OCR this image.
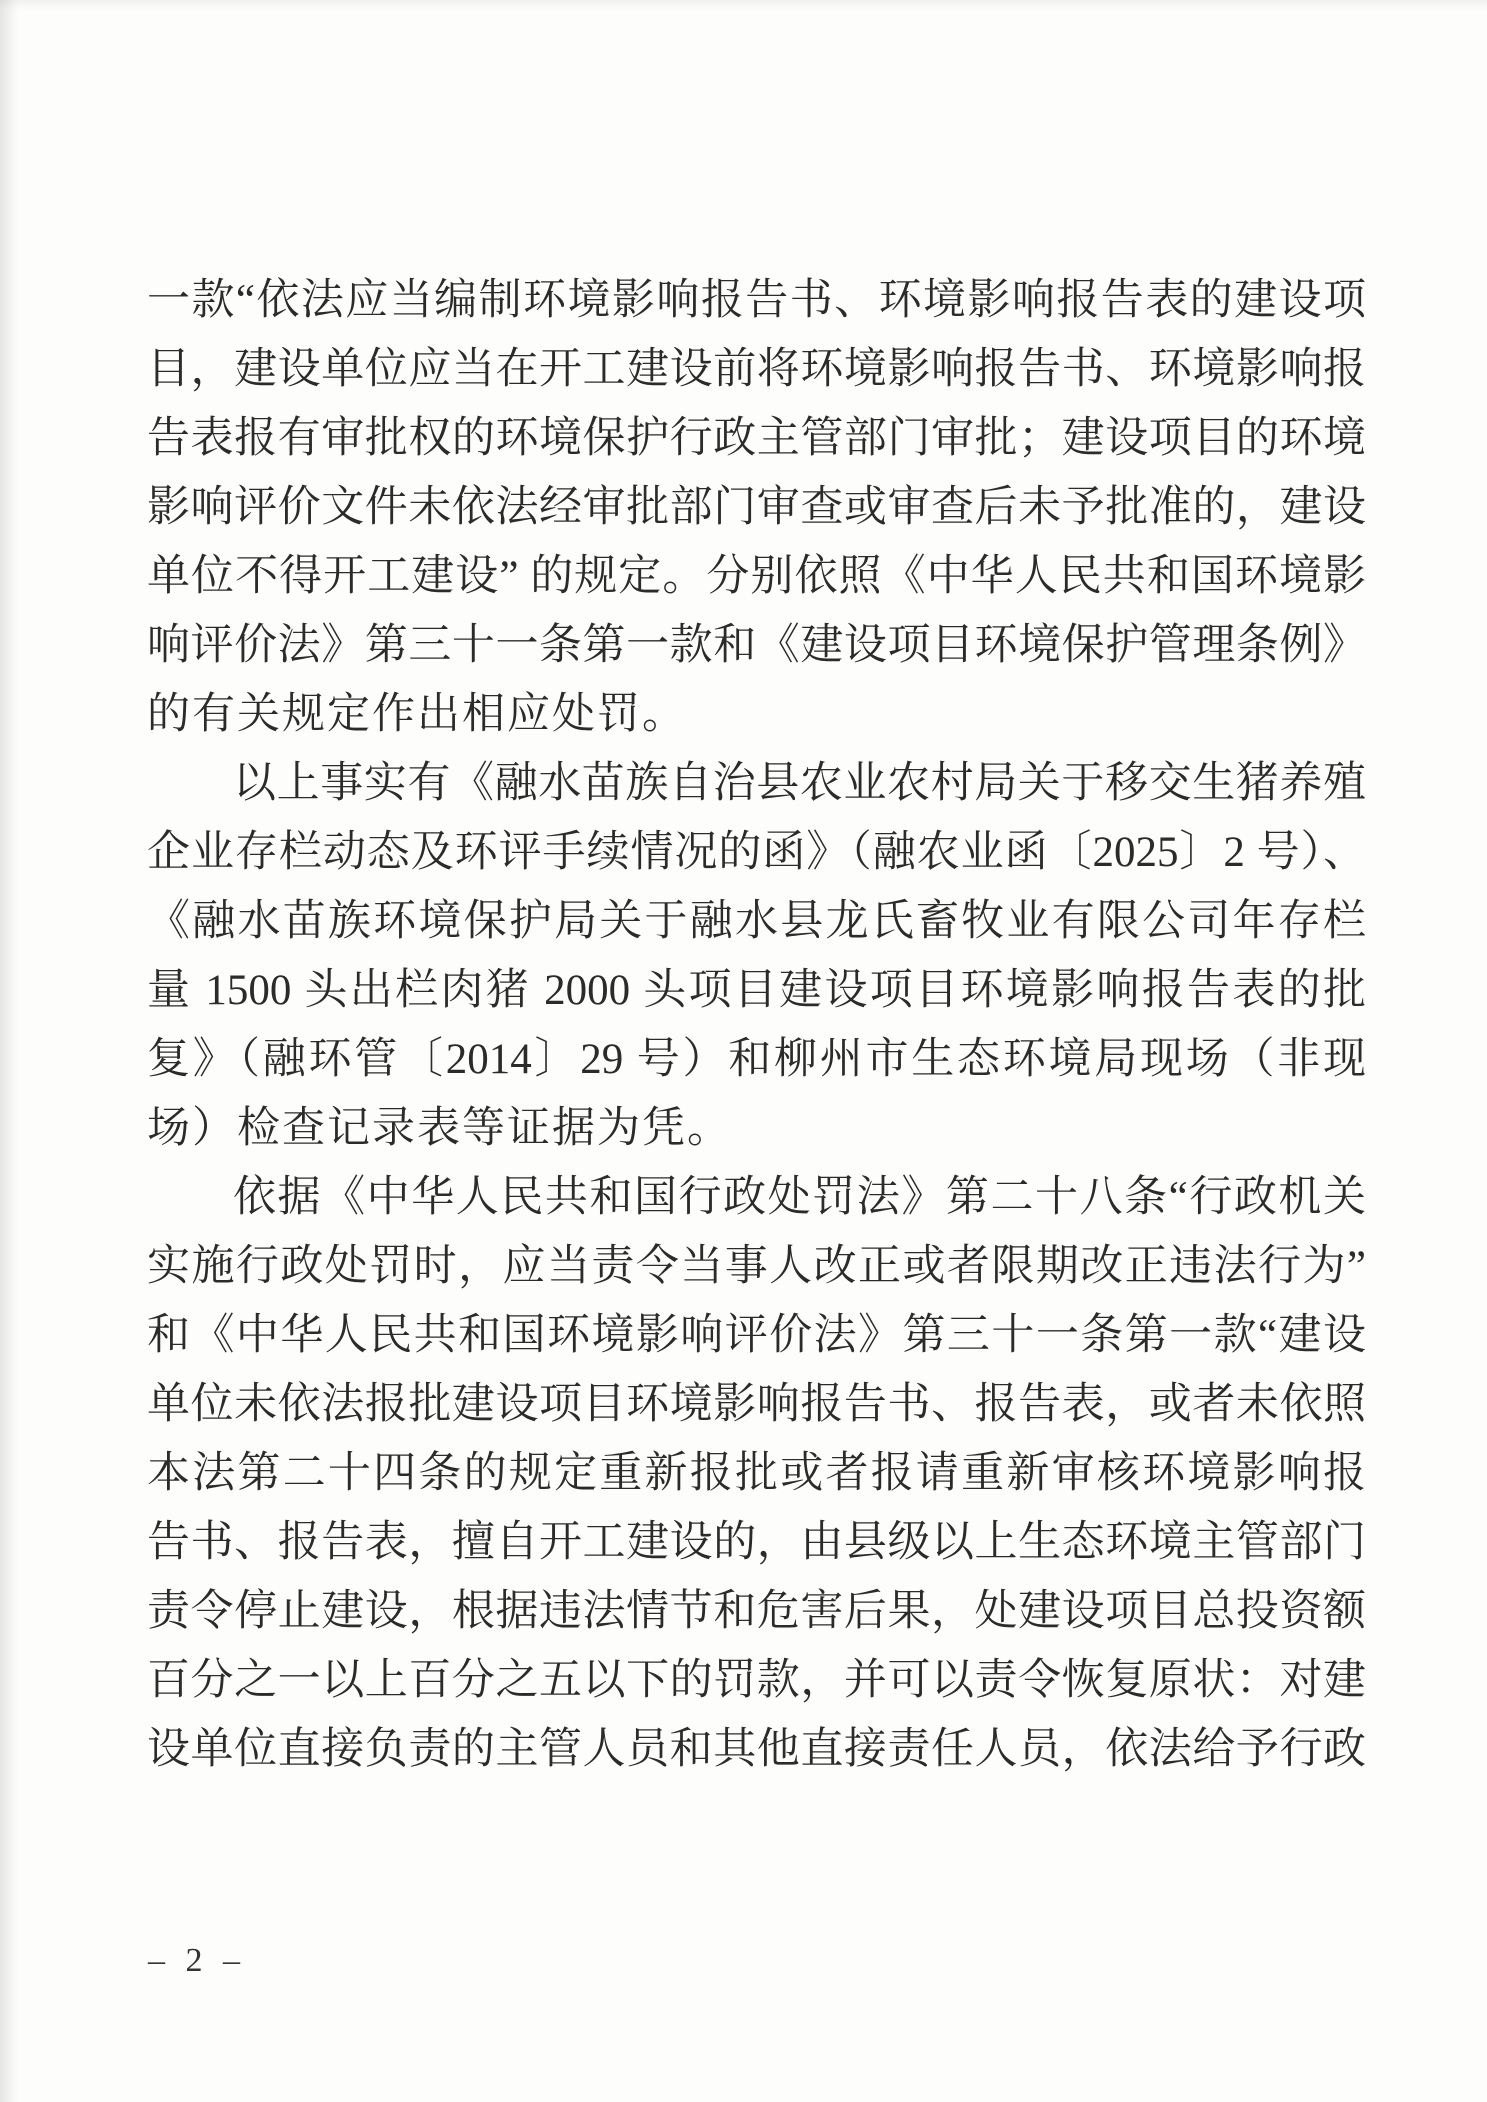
一款“依法应当编制环境影响报告书、环境影响报告表的建设项
目，建设单位应当在开工建设前将环境影响报告书、环境影响报
告表报有审批权的环境保护行政主管部门审批；建设项目的环境
影响评价文件未依法经审批部门审查或审查后未予批准的，建设
单位不得开工建设” 的规定。分别依照《中华人民共和国环境影
响评价法》第三十一条第一款和《建设项目环境保护管理条例》
的有关规定作出相应处罚。
以上事实有《融水苗族自治县农业农村局关于移交生猪养殖
企业存栏动态及环评手续情况的函》（融农业函〔2025〕2 号）、
《融水苗族环境保护局关于融水县龙氏畜牧业有限公司年存栏
量 1500 头出栏肉猪 2000 头项目建设项目环境影响报告表的批
复》（融环管〔2014〕29 号）和柳州市生态环境局现场（非现
场）检查记录表等证据为凭。
依据《中华人民共和国行政处罚法》第二十八条“行政机关
实施行政处罚时，应当责令当事人改正或者限期改正违法行为”
和《中华人民共和国环境影响评价法》第三十一条第一款“建设
单位未依法报批建设项目环境影响报告书、报告表，或者未依照
本法第二十四条的规定重新报批或者报请重新审核环境影响报
告书、报告表，擅自开工建设的，由县级以上生态环境主管部门
责令停止建设，根据违法情节和危害后果，处建设项目总投资额
百分之一以上百分之五以下的罚款，并可以责令恢复原状：对建
设单位直接负责的主管人员和其他直接责任人员，依法给予行政
– 2 –
